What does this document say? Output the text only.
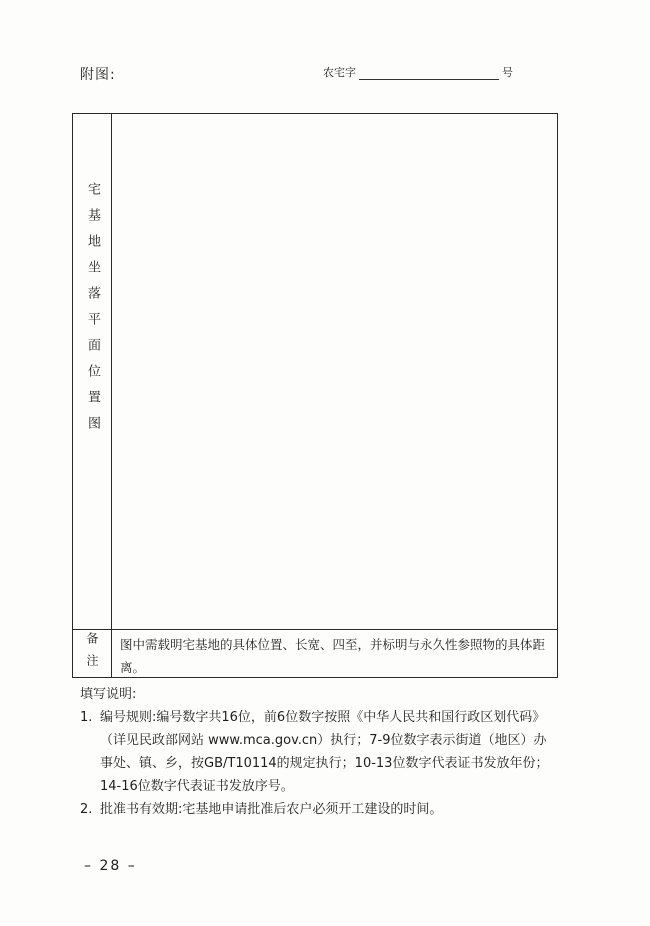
附图:	农宅字	号
宅基地坐落平面位置图
备注	图中需载明宅基地的具体位置、长宽、四至，并标明与永久性参照物的具体距离。
填写说明:
1. 编号规则:编号数字共16位，前6位数字按照《中华人民共和国行政区划代码》（详见民政部网站 www.mca.gov.cn）执行；7-9位数字表示街道（地区）办事处、镇、乡，按GB/T10114的规定执行；10-13位数字代表证书发放年份；14-16位数字代表证书发放序号。
2. 批准书有效期:宅基地申请批准后农户必须开工建设的时间。
– 28 –
